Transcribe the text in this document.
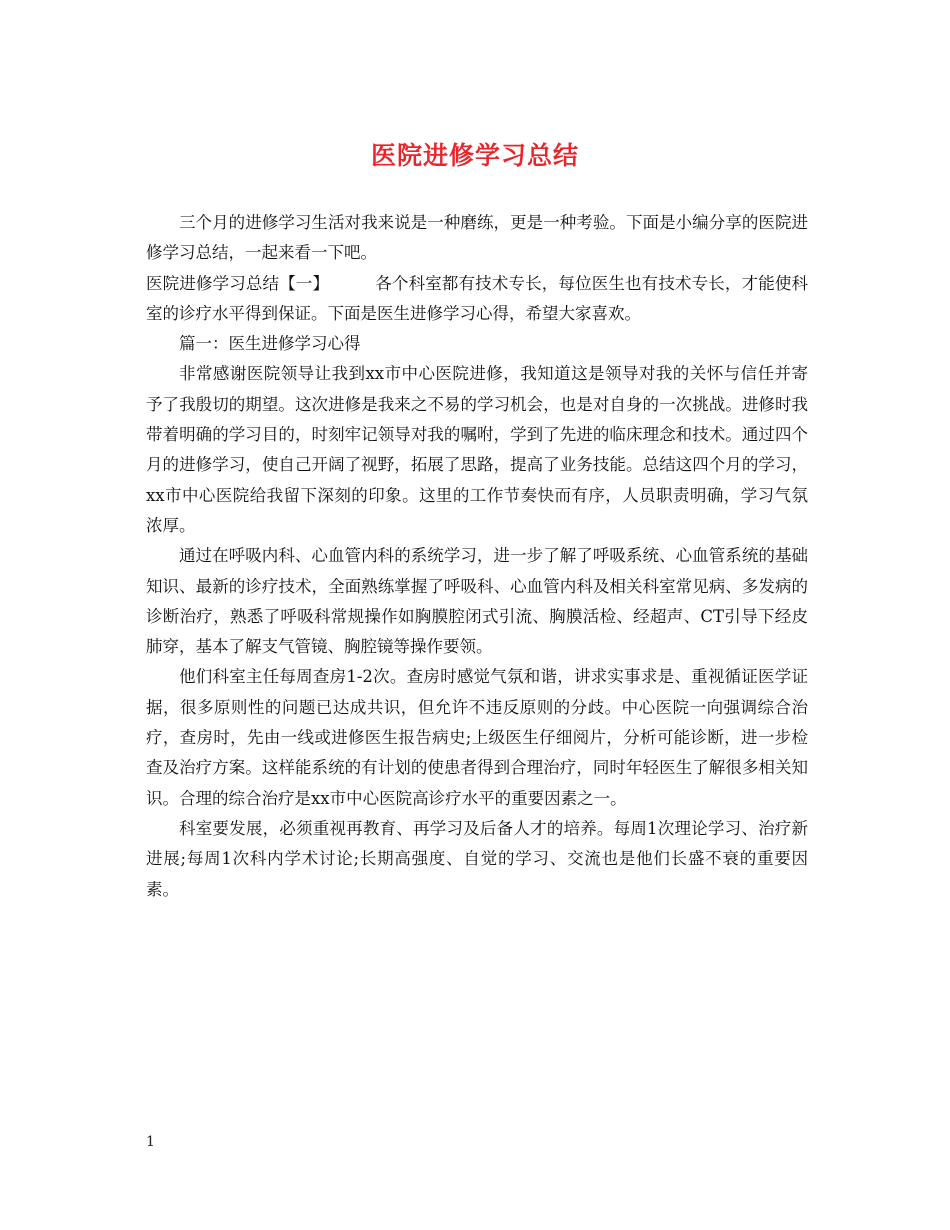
医院进修学习总结

三个月的进修学习生活对我来说是一种磨练，更是一种考验。下面是小编分享的医院进修学习总结，一起来看一下吧。

医院进修学习总结【一】	各个科室都有技术专长，每位医生也有技术专长，才能使科室的诊疗水平得到保证。下面是医生进修学习心得，希望大家喜欢。

篇一：医生进修学习心得

非常感谢医院领导让我到xx市中心医院进修，我知道这是领导对我的关怀与信任并寄予了我殷切的期望。这次进修是我来之不易的学习机会，也是对自身的一次挑战。进修时我带着明确的学习目的，时刻牢记领导对我的嘱咐，学到了先进的临床理念和技术。通过四个月的进修学习，使自己开阔了视野，拓展了思路，提高了业务技能。总结这四个月的学习，xx市中心医院给我留下深刻的印象。这里的工作节奏快而有序，人员职责明确，学习气氛浓厚。

通过在呼吸内科、心血管内科的系统学习，进一步了解了呼吸系统、心血管系统的基础知识、最新的诊疗技术，全面熟练掌握了呼吸科、心血管内科及相关科室常见病、多发病的诊断治疗，熟悉了呼吸科常规操作如胸膜腔闭式引流、胸膜活检、经超声、CT引导下经皮肺穿，基本了解支气管镜、胸腔镜等操作要领。

他们科室主任每周查房1-2次。查房时感觉气氛和谐，讲求实事求是、重视循证医学证据，很多原则性的问题已达成共识，但允许不违反原则的分歧。中心医院一向强调综合治疗，查房时，先由一线或进修医生报告病史;上级医生仔细阅片，分析可能诊断，进一步检查及治疗方案。这样能系统的有计划的使患者得到合理治疗，同时年轻医生了解很多相关知识。合理的综合治疗是xx市中心医院高诊疗水平的重要因素之一。

科室要发展，必须重视再教育、再学习及后备人才的培养。每周1次理论学习、治疗新进展;每周1次科内学术讨论;长期高强度、自觉的学习、交流也是他们长盛不衰的重要因素。

1
